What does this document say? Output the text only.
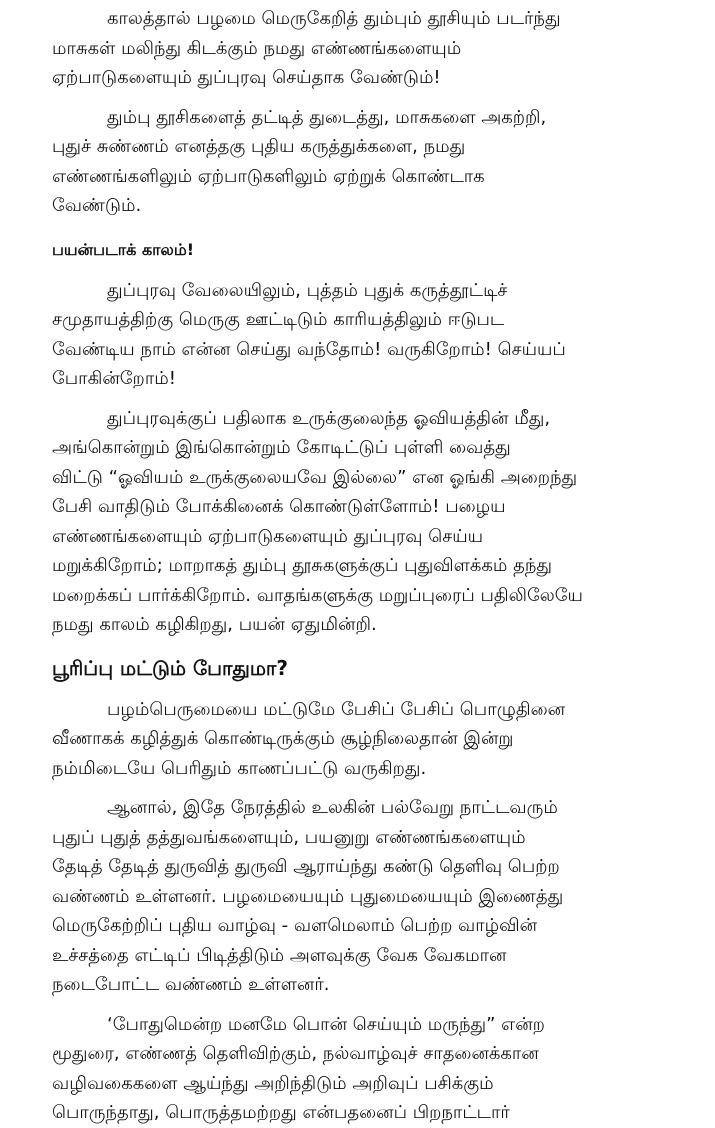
காலத்தால் பழமை மெருகேறித் தும்பும் தூசியும் படர்ந்து
மாசுகள் மலிந்து கிடக்கும் நமது எண்ணங்களையும்
ஏற்பாடுகளையும் துப்புரவு செய்தாக வேண்டும்!

தும்பு தூசிகளைத் தட்டித் துடைத்து, மாசுகளை அகற்றி,
புதுச் சுண்ணம் எனத்தகு புதிய கருத்துக்களை, நமது
எண்ணங்களிலும் ஏற்பாடுகளிலும் ஏற்றுக் கொண்டாக
வேண்டும்.

பயன்படாக் காலம்!

துப்புரவு வேலையிலும், புத்தம் புதுக் கருத்தூட்டிச்
சமுதாயத்திற்கு மெருகு ஊட்டிடும் காரியத்திலும் ஈடுபட
வேண்டிய நாம் என்ன செய்து வந்தோம்! வருகிறோம்! செய்யப்
போகின்றோம்!

துப்புரவுக்குப் பதிலாக உருக்குலைந்த ஓவியத்தின் மீது,
அங்கொன்றும் இங்கொன்றும் கோடிட்டுப் புள்ளி வைத்து
விட்டு “ஓவியம் உருக்குலையவே இல்லை” என ஓங்கி அறைந்து
பேசி வாதிடும் போக்கினைக் கொண்டுள்ளோம்! பழைய
எண்ணங்களையும் ஏற்பாடுகளையும் துப்புரவு செய்ய
மறுக்கிறோம்; மாறாகத் தும்பு தூசுகளுக்குப் புதுவிளக்கம் தந்து
மறைக்கப் பார்க்கிறோம். வாதங்களுக்கு மறுப்புரைப் பதிலிலேயே
நமது காலம் கழிகிறது, பயன் ஏதுமின்றி.

பூரிப்பு மட்டும் போதுமா?

பழம்பெருமையை மட்டுமே பேசிப் பேசிப் பொழுதினை
வீணாகக் கழித்துக் கொண்டிருக்கும் சூழ்நிலைதான் இன்று
நம்மிடையே பெரிதும் காணப்பட்டு வருகிறது.

ஆனால், இதே நேரத்தில் உலகின் பல்வேறு நாட்டவரும்
புதுப் புதுத் தத்துவங்களையும், பயனுறு எண்ணங்களையும்
தேடித் தேடித் துருவித் துருவி ஆராய்ந்து கண்டு தெளிவு பெற்ற
வண்ணம் உள்ளனர். பழமையையும் புதுமையையும் இணைத்து
மெருகேற்றிப் புதிய வாழ்வு - வளமெலாம் பெற்ற வாழ்வின்
உச்சத்தை எட்டிப் பிடித்திடும் அளவுக்கு வேக வேகமான
நடைபோட்ட வண்ணம் உள்ளனர்.

‘போதுமென்ற மனமே பொன் செய்யும் மருந்து” என்ற
மூதுரை, எண்ணத் தெளிவிற்கும், நல்வாழ்வுச் சாதனைக்கான
வழிவகைகளை ஆய்ந்து அறிந்திடும் அறிவுப் பசிக்கும்
பொருந்தாது, பொருத்தமற்றது என்பதனைப் பிறநாட்டார்
